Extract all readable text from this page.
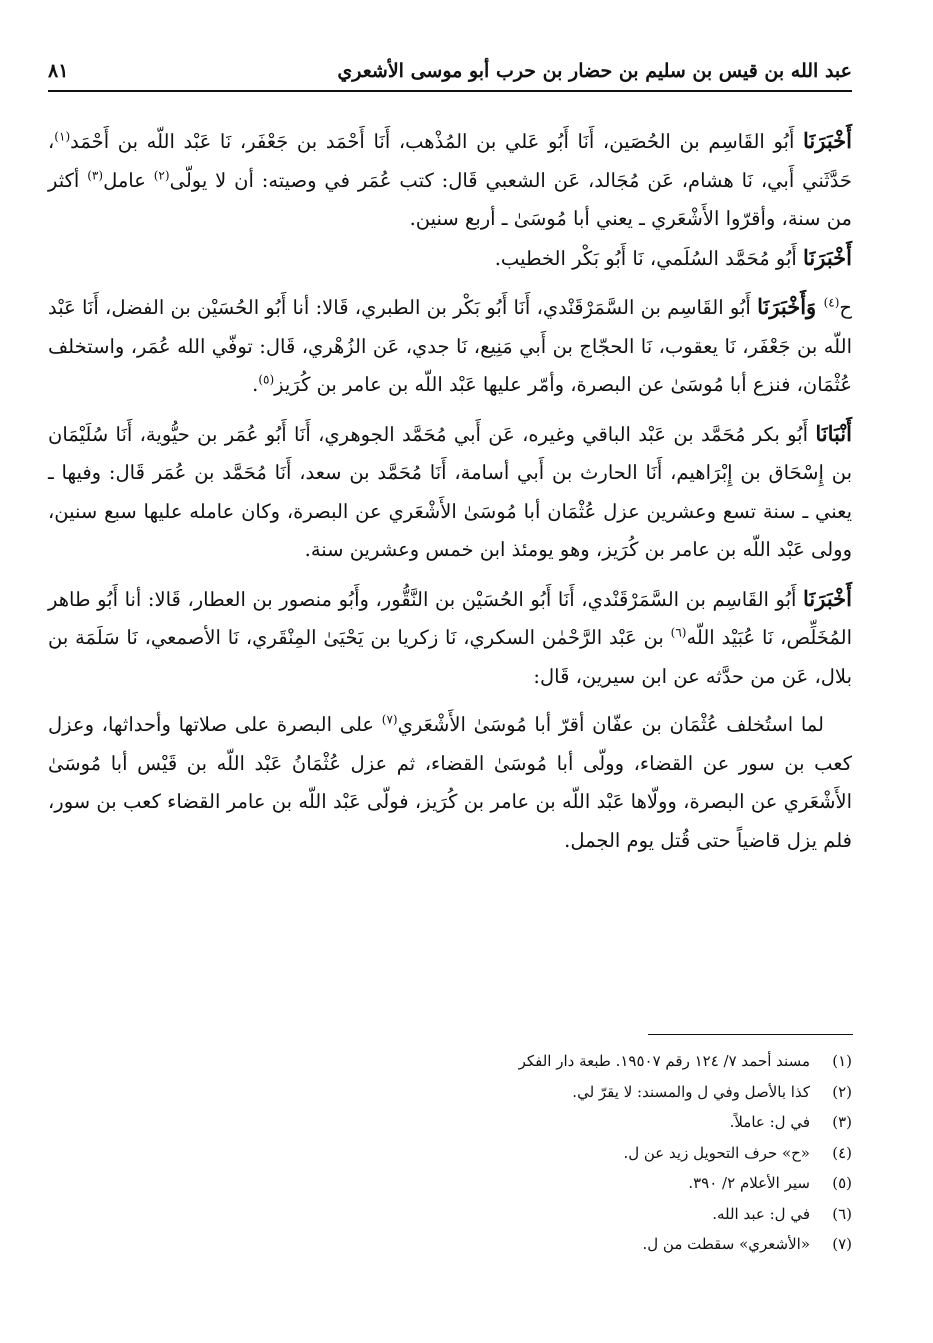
عبد الله بن قيس بن سليم بن حضار بن حرب أبو موسى الأشعري
٨١

أَخْبَرَنَا أَبُو القَاسِم بن الحُصَين، أَنَا أَبُو عَلي بن المُذْهب، أَنَا أَحْمَد بن جَعْفَر، نَا عَبْد اللّه بن أَحْمَد$^{(١)}$، حَدَّثَني أَبي، نَا هشام، عَن مُجَالد، عَن الشعبي قَال: كتب عُمَر في وصيته: أن لا يولّى$^{(٢)}$ عامل$^{(٣)}$ أكثر من سنة، وأقرّوا الأَشْعَري ـ يعني أبا مُوسَىٰ ـ أربع سنين.

أَخْبَرَنَا أَبُو مُحَمَّد السُلَمي، نَا أَبُو بَكْر الخطيب.

ح$^{(٤)}$ وَأَخْبَرَنَا أَبُو القَاسِم بن السَّمَرْقَنْدي، أَنَا أَبُو بَكْر بن الطبري، قَالا: أنا أَبُو الحُسَيْن بن الفضل، أَنَا عَبْد اللّه بن جَعْفَر، نَا يعقوب، نَا الحجّاج بن أَبي مَنِيع، نَا جدي، عَن الزُهْري، قَال: توفّي الله عُمَر، واستخلف عُثْمَان، فنزع أبا مُوسَىٰ عن البصرة، وأمّر عليها عَبْد اللّه بن عامر بن كُرَيز$^{(٥)}$.

أَنْبَانَا أَبُو بكر مُحَمَّد بن عَبْد الباقي وغيره، عَن أَبي مُحَمَّد الجوهري، أَنَا أَبُو عُمَر بن حيُّوية، أَنَا سُلَيْمَان بن إِسْحَاق بن إِبْرَاهيم، أَنَا الحارث بن أَبي أسامة، أَنَا مُحَمَّد بن سعد، أَنَا مُحَمَّد بن عُمَر قَال: وفيها ـ يعني ـ سنة تسع وعشرين عزل عُثْمَان أبا مُوسَىٰ الأَشْعَري عن البصرة، وكان عامله عليها سبع سنين، وولى عَبْد اللّه بن عامر بن كُرَيز، وهو يومئذ ابن خمس وعشرين سنة.

أَخْبَرَنَا أَبُو القَاسِم بن السَّمَرْقَنْدي، أَنَا أَبُو الحُسَيْن بن النَّقُّور، وأَبُو منصور بن العطار، قَالا: أنا أَبُو طاهر المُخَلِّص، نَا عُبَيْد اللّه$^{(٦)}$ بن عَبْد الرَّحْمٰن السكري، نَا زكريا بن يَحْيَىٰ المِنْقَري، نَا الأصمعي، نَا سَلَمَة بن بلال، عَن من حدَّثه عن ابن سيرين، قَال:

لما استُخلف عُثْمَان بن عفّان أقرّ أبا مُوسَىٰ الأَشْعَري$^{(٧)}$ على البصرة على صلاتها وأحداثها، وعزل كعب بن سور عن القضاء، وولّى أبا مُوسَىٰ القضاء، ثم عزل عُثْمَانُ عَبْد اللّه بن قَيْس أبا مُوسَىٰ الأَشْعَري عن البصرة، وولّاها عَبْد اللّه بن عامر بن كُرَيز، فولّى عَبْد اللّه بن عامر القضاء كعب بن سور، فلم يزل قاضياً حتى قُتل يوم الجمل.

(١)
مسند أحمد ٧/ ١٢٤ رقم ١٩٥٠٧. طبعة دار الفكر
(٢)
كذا بالأصل وفي ل والمسند: لا يقرّ لي.
(٣)
في ل: عاملاً.
(٤)
«ح» حرف التحويل زيد عن ل.
(٥)
سير الأعلام ٢/ ٣٩٠.
(٦)
في ل: عبد الله.
(٧)
«الأشعري» سقطت من ل.
